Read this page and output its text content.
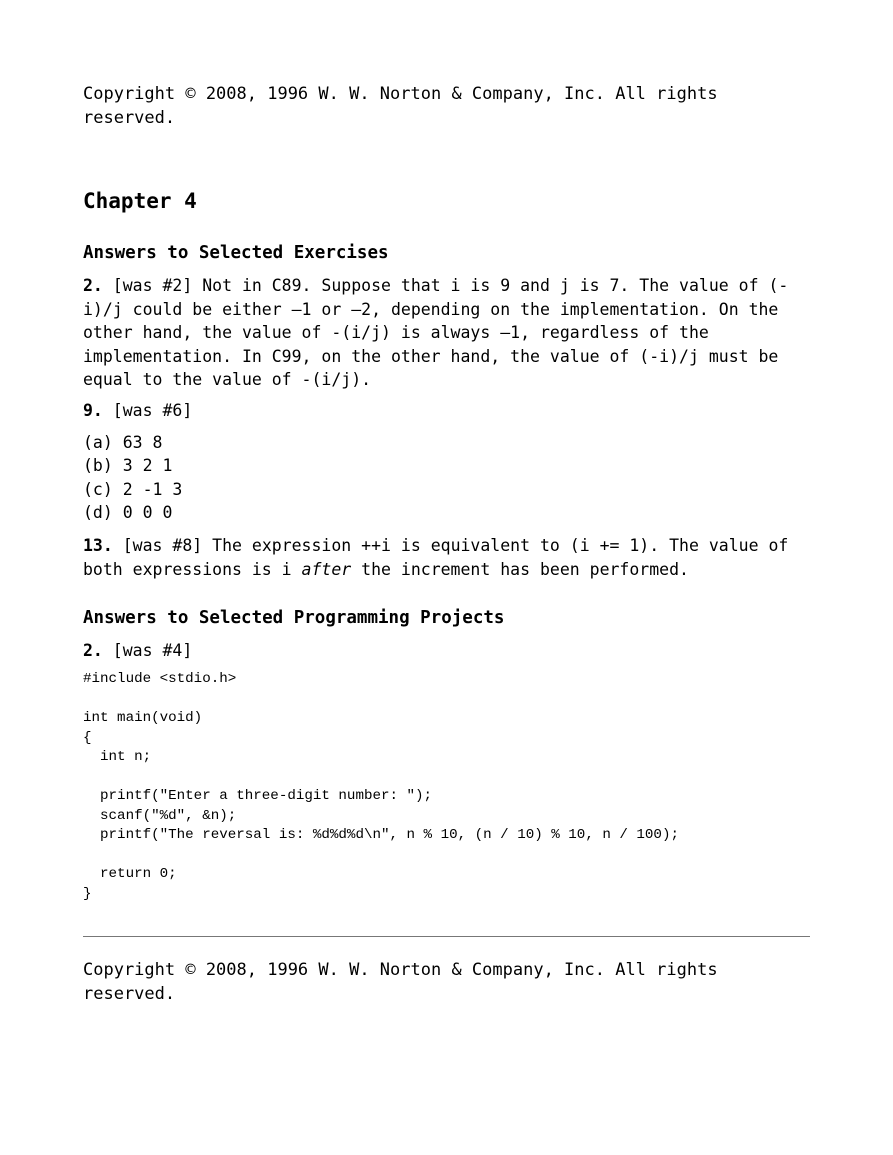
Copyright © 2008, 1996 W. W. Norton & Company, Inc. All rights reserved.

Chapter 4
Answers to Selected Exercises

2. [was #2] Not in C89. Suppose that i is 9 and j is 7. The value of (-i)/j could be either –1 or –2, depending on the implementation. On the other hand, the value of -(i/j) is always –1, regardless of the implementation. In C99, on the other hand, the value of (-i)/j must be equal to the value of -(i/j).

9. [was #6]

(a) 63 8
(b) 3 2 1
(c) 2 -1 3
(d) 0 0 0

13. [was #8] The expression ++i is equivalent to (i += 1). The value of both expressions is i after the increment has been performed.

Answers to Selected Programming Projects

2. [was #4]

#include <stdio.h>

int main(void)
{
int n;

printf("Enter a three-digit number: ");
scanf("%d", &n);
printf("The reversal is: %d%d%d\n", n % 10, (n / 10) % 10, n / 100);

return 0;
}

Copyright © 2008, 1996 W. W. Norton & Company, Inc. All rights reserved.
